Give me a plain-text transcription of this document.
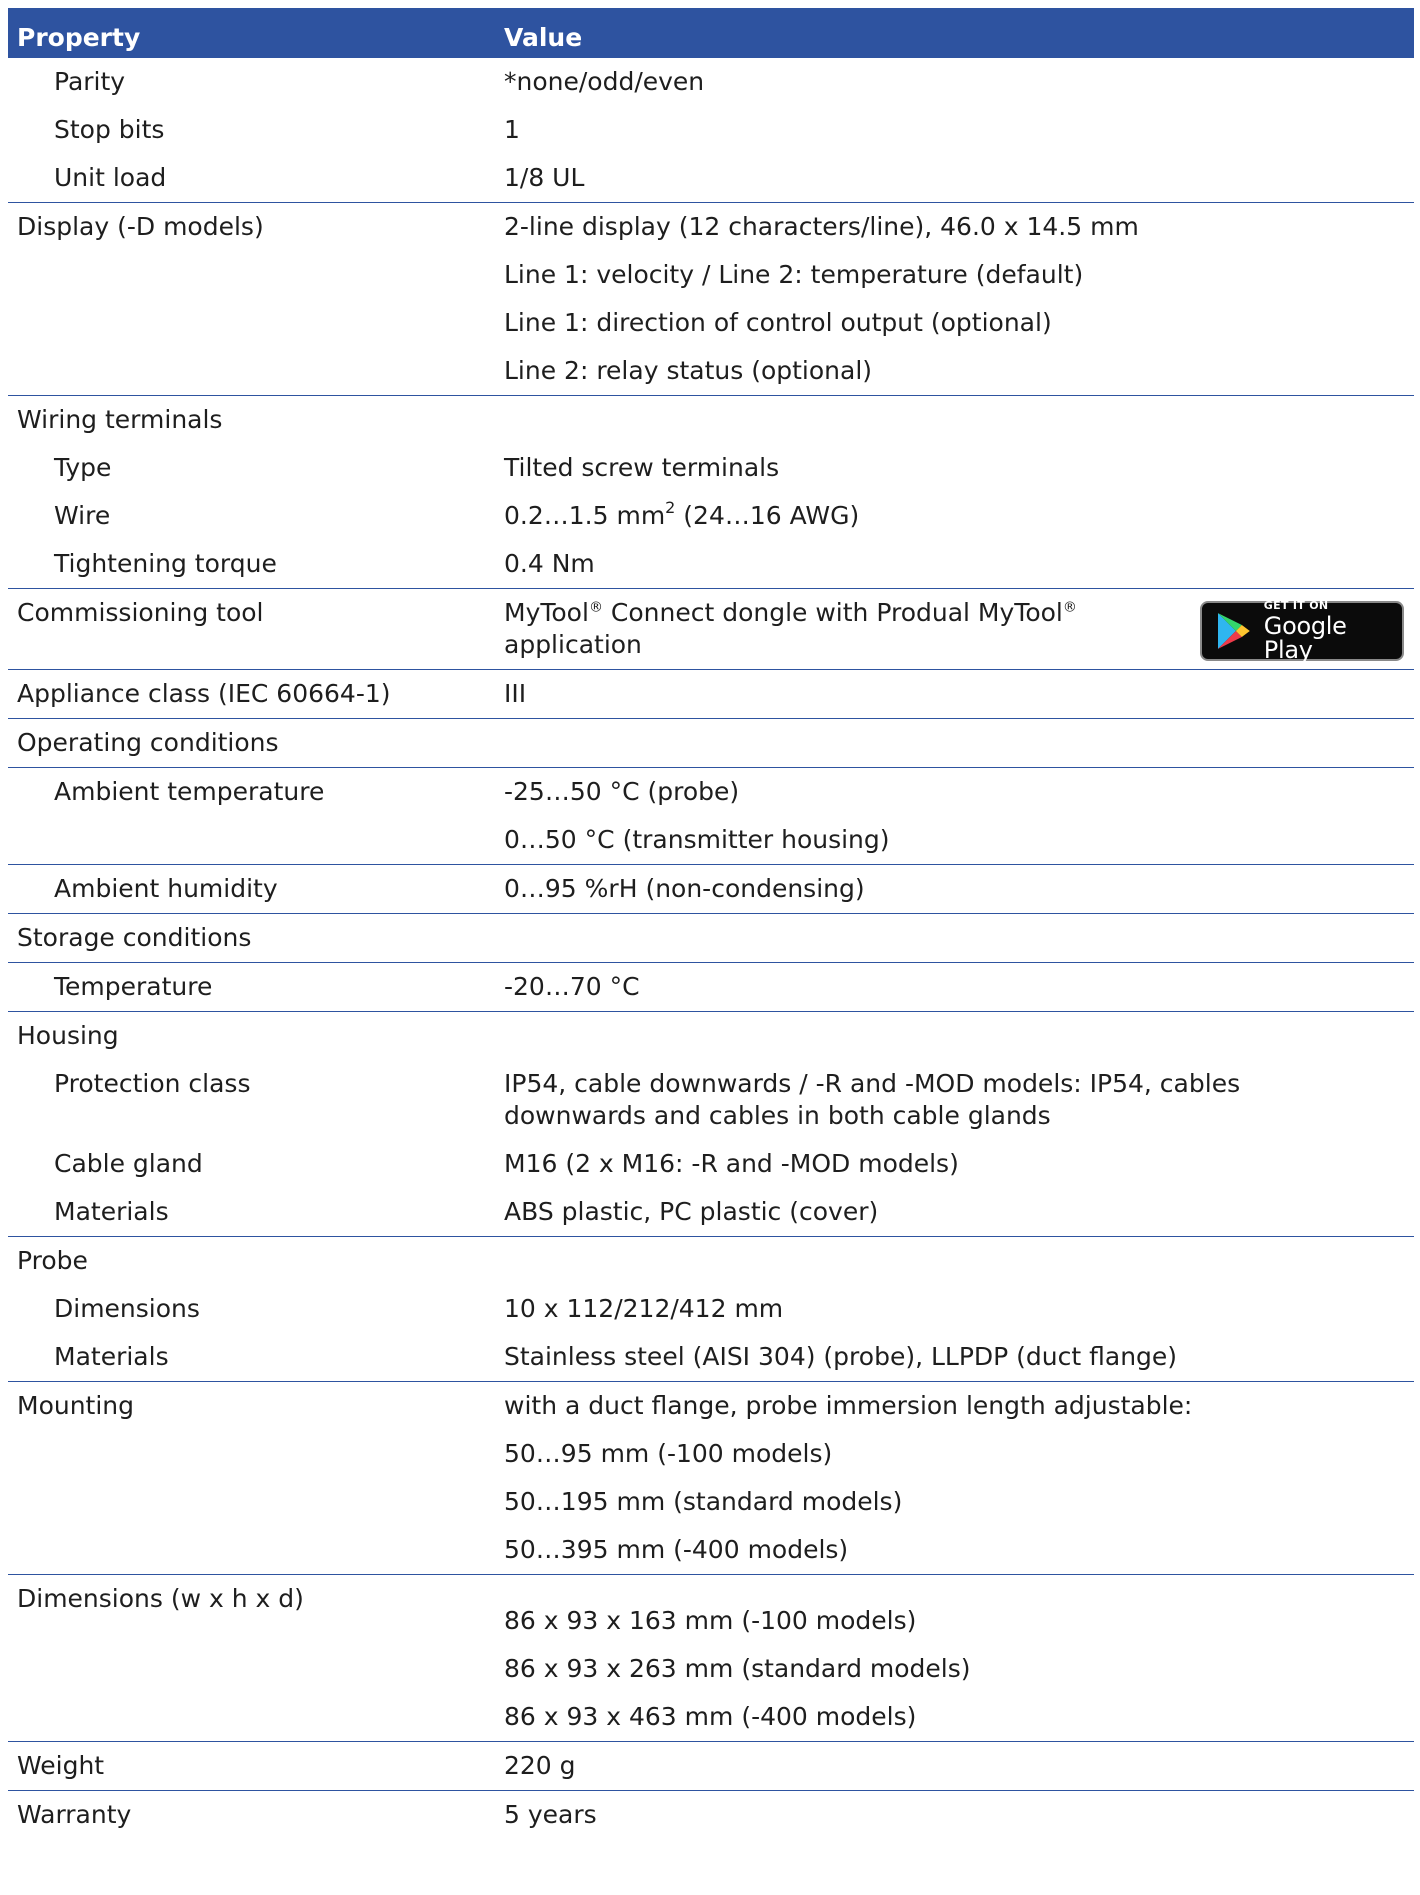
Property	Value
Parity	*none/odd/even
Stop bits	1
Unit load	1/8 UL
Display (-D models)	2-line display (12 characters/line), 46.0 x 14.5 mm
Line 1: velocity / Line 2: temperature (default)
Line 1: direction of control output (optional)
Line 2: relay status (optional)

Wiring terminals	
Type	Tilted screw terminals
Wire	0.2…1.5 $mm^2$ (24…16 AWG)
Tightening torque	0.4 Nm
Commissioning tool	MyTool® Connect dongle with Produal MyTool® application
GET IT ON
Google Play

Appliance class (IEC 60664-1)	III
Operating conditions	
Ambient temperature	-25…50 °C (probe)
0…50 °C (transmitter housing)

Ambient humidity	0…95 %rH (non-condensing)
Storage conditions	
Temperature	-20…70 °C
Housing	
Protection class	IP54, cable downwards / -R and -MOD models: IP54, cables
downwards and cables in both cable glands

Cable gland	M16 (2 x M16: -R and -MOD models)
Materials	ABS plastic, PC plastic (cover)
Probe	
Dimensions	10 x 112/212/412 mm
Materials	Stainless steel (AISI 304) (probe), LLPDP (duct flange)
Mounting	with a duct flange, probe immersion length adjustable:
50…95 mm (-100 models)
50…195 mm (standard models)
50…395 mm (-400 models)

Dimensions (w x h x d)	86 x 93 x 163 mm (-100 models)
86 x 93 x 263 mm (standard models)
86 x 93 x 463 mm (-400 models)

Weight	220 g
Warranty	5 years
